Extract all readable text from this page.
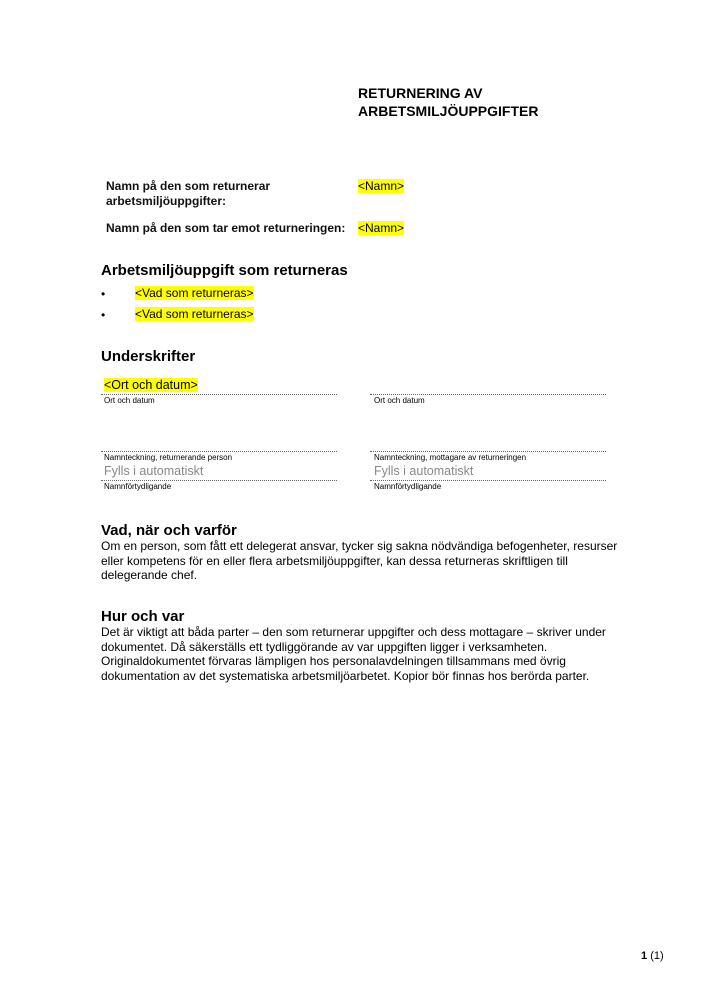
RETURNERING AV
ARBETSMILJÖUPPGIFTER
Namn på den som returnerar
arbetsmiljöuppgifter:
<Namn>
Namn på den som tar emot returneringen: <Namn>
Arbetsmiljöuppgift som returneras
• <Vad som returneras>
• <Vad som returneras>
Underskrifter
<Ort och datum>
Ort och datum	Ort och datum
Namnteckning, returnerande person	Namnteckning, mottagare av returneringen
Fylls i automatiskt	Fylls i automatiskt
Namnförtydligande	Namnförtydligande
Vad, när och varför
Om en person, som fått ett delegerat ansvar, tycker sig sakna nödvändiga befogenheter, resurser eller kompetens för en eller flera arbetsmiljöuppgifter, kan dessa returneras skriftligen till delegerande chef.
Hur och var
Det är viktigt att båda parter – den som returnerar uppgifter och dess mottagare – skriver under dokumentet. Då säkerställs ett tydliggörande av var uppgiften ligger i verksamheten. Originaldokumentet förvaras lämpligen hos personalavdelningen tillsammans med övrig dokumentation av det systematiska arbetsmiljöarbetet. Kopior bör finnas hos berörda parter.
1 (1)
